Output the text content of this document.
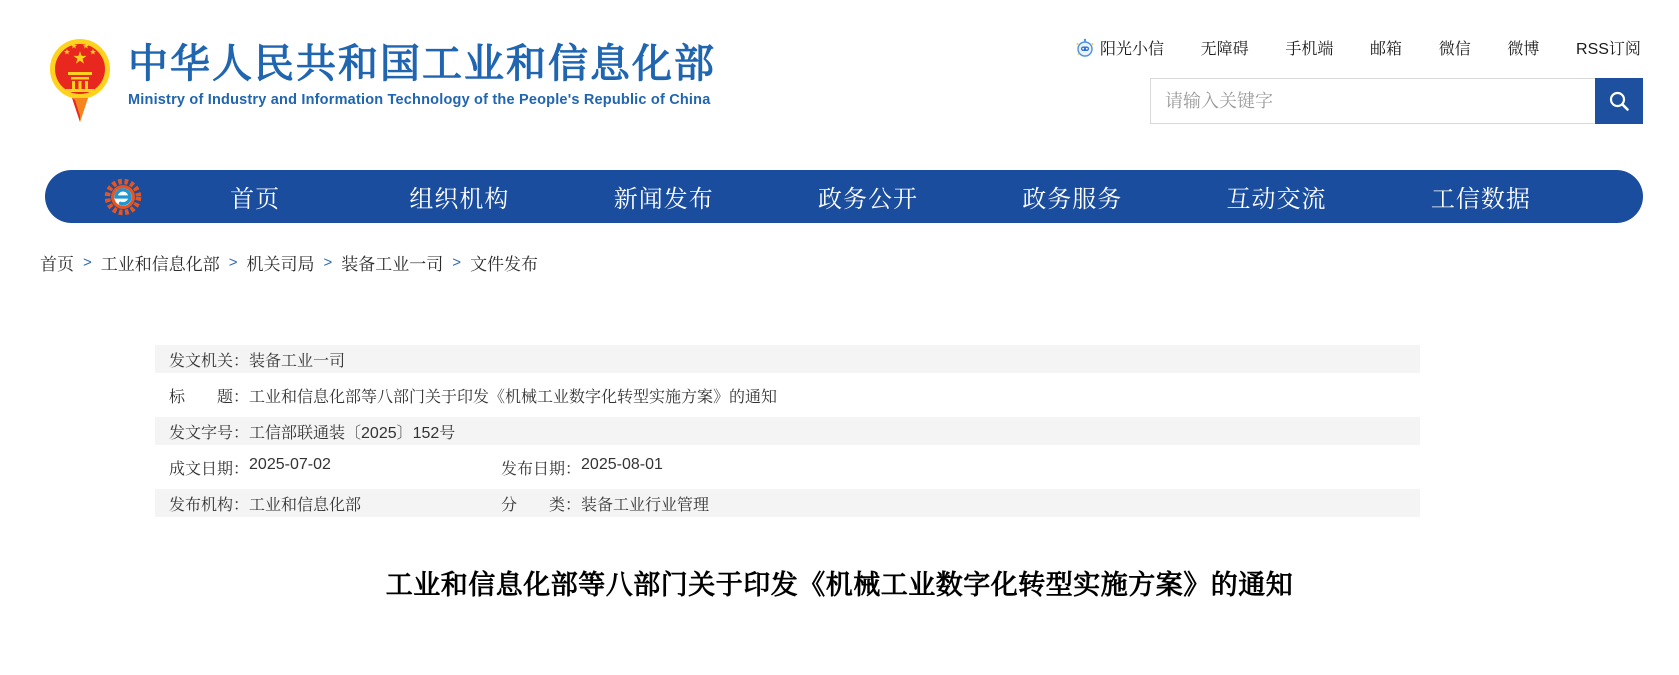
★
★
★ ★
★ 中华人民共和国工业和信息化部
Ministry of Industry and Information Technology of the People's Republic of China
阳光小信 无障碍 手机端 邮箱 微信 微博 RSS订阅
请输入关键字
首页	组织机构	新闻发布	政务公开	政务服务	互动交流	工信数据
首页 > 工业和信息化部 > 机关司局 > 装备工业一司 > 文件发布
发文机关： 装备工业一司
标　　题： 工业和信息化部等八部门关于印发《机械工业数字化转型实施方案》的通知
发文字号： 工信部联通装〔2025〕152号
成文日期： 2025-07-02	发布日期： 2025-08-01
发布机构： 工业和信息化部	分　　类： 装备工业行业管理
工业和信息化部等八部门关于印发《机械工业数字化转型实施方案》的通知
